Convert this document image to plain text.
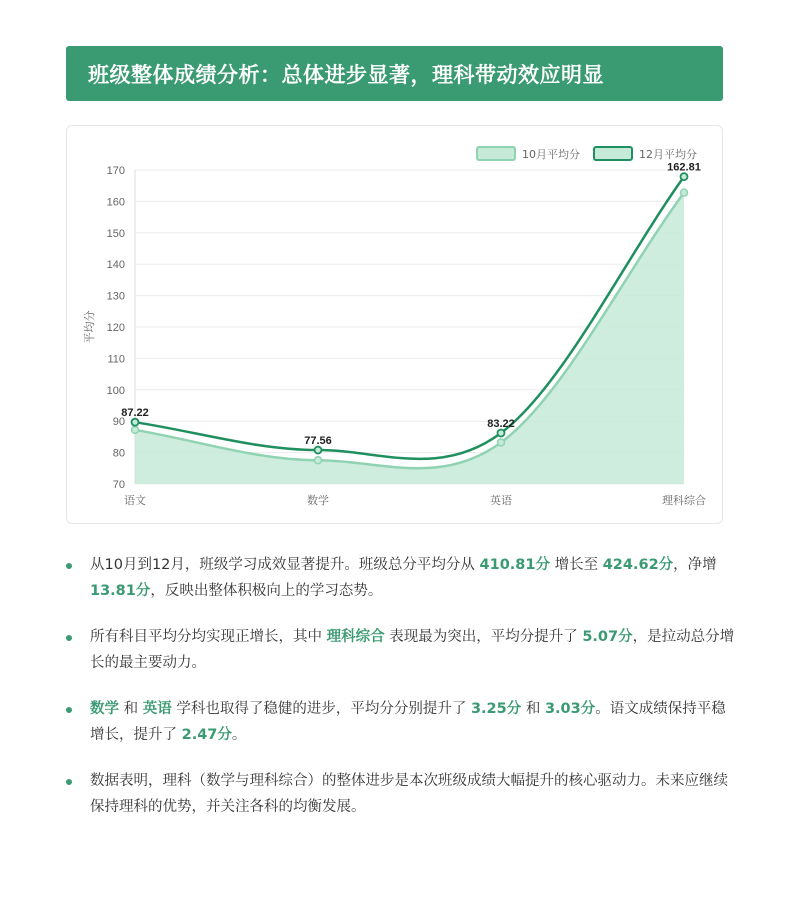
班级整体成绩分析：总体进步显著，理科带动效应明显
70
80
90
100
110
120
130
140
150
160
170
平均分
语文	数学	英语	理科综合
87.22
77.56
83.22
162.81
10月平均分	12月平均分
从10月到12月，班级学习成效显著提升。班级总分平均分从 410.81分 增长至 424.62分，净增 13.81分，反映出整体积极向上的学习态势。
所有科目平均分均实现正增长，其中 理科综合 表现最为突出，平均分提升了 5.07分，是拉动总分增长的最主要动力。
数学 和 英语 学科也取得了稳健的进步，平均分分别提升了 3.25分 和 3.03分。语文成绩保持平稳增长，提升了 2.47分。
数据表明，理科（数学与理科综合）的整体进步是本次班级成绩大幅提升的核心驱动力。未来应继续保持理科的优势，并关注各科的均衡发展。
